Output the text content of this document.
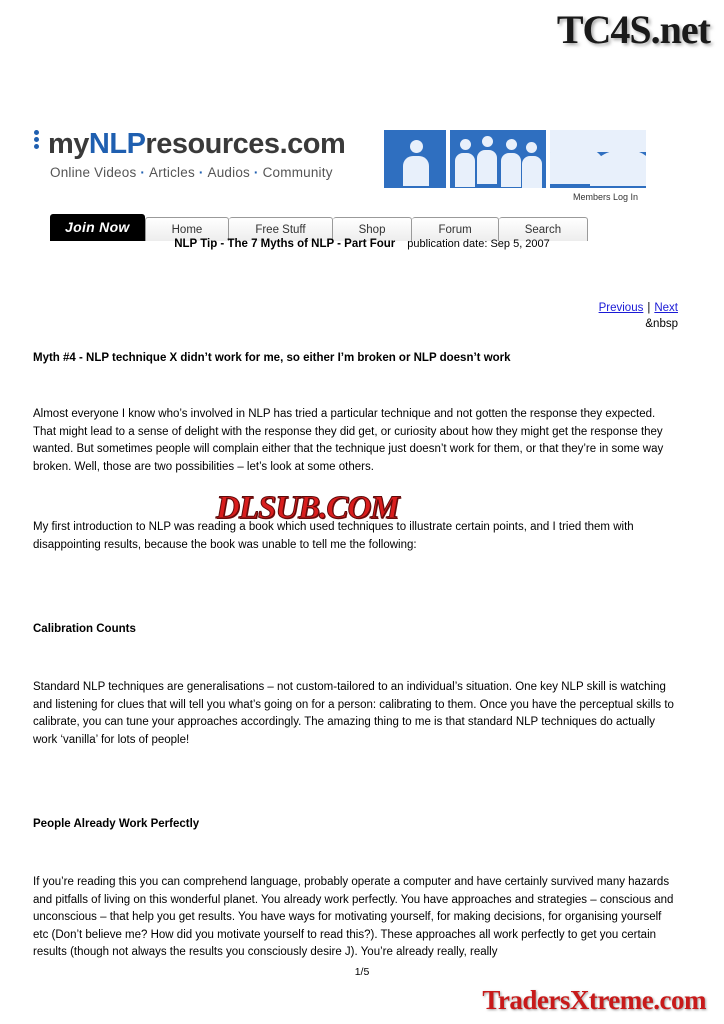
TC4S.net
myNLPresources.com
Online Videos · Articles · Audios · Community
Members Log In
Join Now	Home	Free Stuff	Shop	Forum	Search
NLP Tip - The 7 Myths of NLP - Part Four publication date: Sep 5, 2007
Previous | Next
&nbsp
Myth #4 - NLP technique X didn’t work for me, so either I’m broken or NLP doesn’t work

Almost everyone I know who’s involved in NLP has tried a particular technique and not gotten the response they expected. That might lead to a sense of delight with the response they did get, or curiosity about how they might get the response they wanted. But sometimes people will complain either that the technique just doesn’t work for them, or that they’re in some way broken. Well, those are two possibilities – let’s look at some others.

My first introduction to NLP was reading a book which used techniques to illustrate certain points, and I tried them with disappointing results, because the book was unable to tell me the following:

Calibration Counts

Standard NLP techniques are generalisations – not custom-tailored to an individual’s situation. One key NLP skill is watching and listening for clues that will tell you what’s going on for a person: calibrating to them. Once you have the perceptual skills to calibrate, you can tune your approaches accordingly. The amazing thing to me is that standard NLP techniques do actually work ‘vanilla’ for lots of people!

People Already Work Perfectly

If you’re reading this you can comprehend language, probably operate a computer and have certainly survived many hazards and pitfalls of living on this wonderful planet. You already work perfectly. You have approaches and strategies – conscious and unconscious – that help you get results. You have ways for motivating yourself, for making decisions, for organising yourself etc (Don’t believe me? How did you motivate yourself to read this?). These approaches all work perfectly to get you certain results (though not always the results you consciously desire J). You’re already really, really

DLSUB.COM
1/5
TradersXtreme.com
